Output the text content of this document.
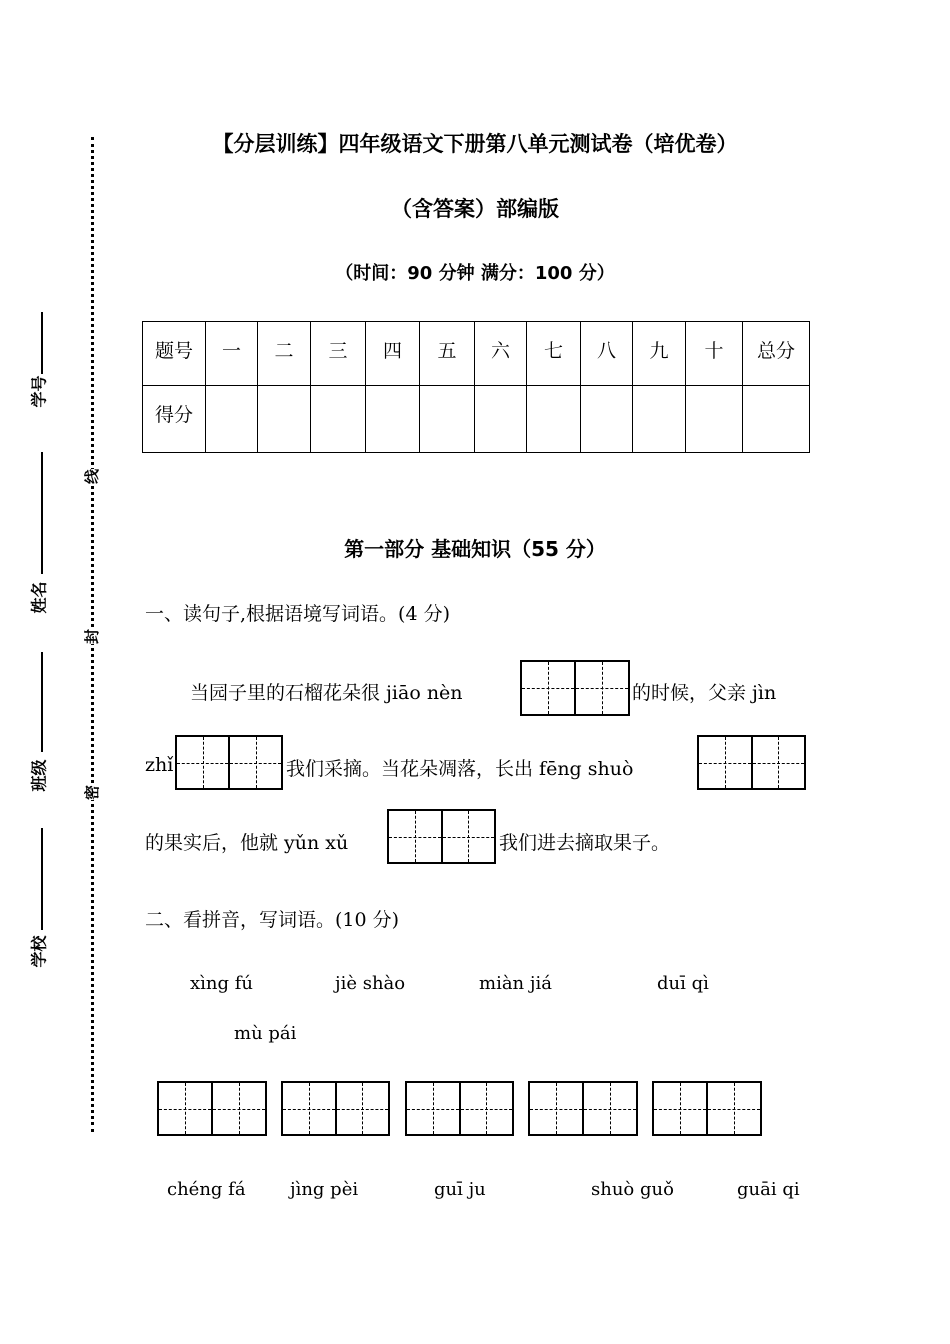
【分层训练】四年级语文下册第八单元测试卷（培优卷）
（含答案）部编版
（时间：90 分钟 满分：100 分）
学号
姓名
班级
学校
线
封
密
题号	一	二	三	四	五	六	七	八	九	十	总分
得分											
第一部分 基础知识（55 分）
一、读句子,根据语境写词语。(4 分)
当园子里的石榴花朵很 jiāo nèn	的时候，父亲 jìn
zhǐ	我们采摘。当花朵凋落，长出 fēng shuò
的果实后，他就 yǔn xǔ	我们进去摘取果子。
二、看拼音，写词语。(10 分)
xìng fú	jiè shào	miàn jiá	duī qì
mù pái
chéng fá jìng pèi	guī ju	shuò guǒ	guāi qi
